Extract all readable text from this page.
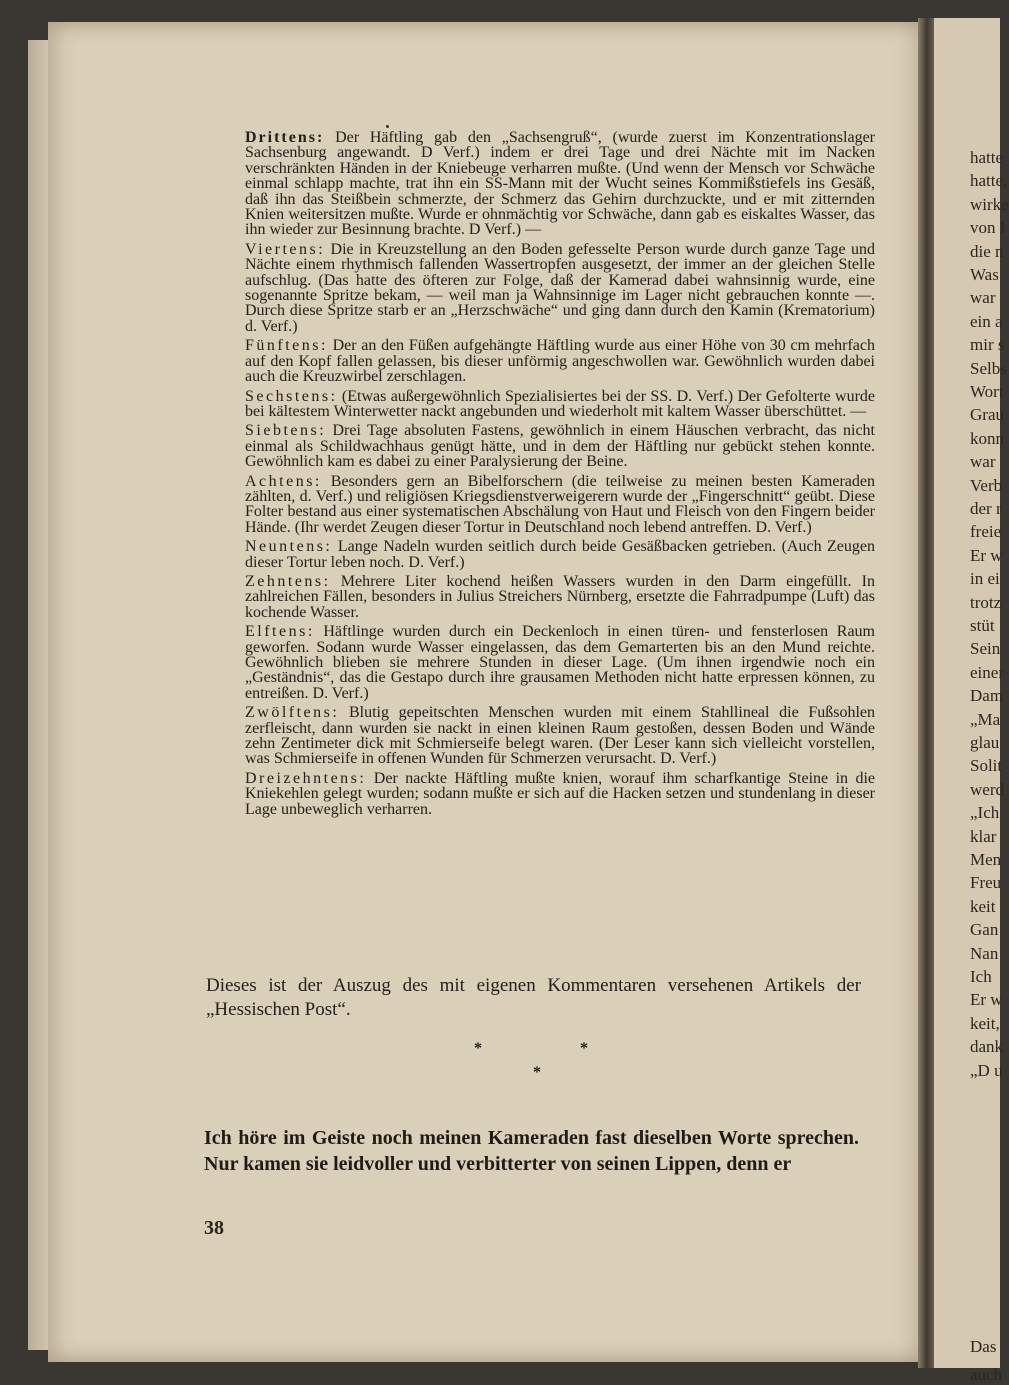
hatte
hatte,
wirke
von I
die n
Was
war
ein a
mir s
Selbs
Wort
Grau
konn
war
Verb
der r
freie
Er w
in ei
trotz
stüt
Sein
einer
Dam
„Ma
glau
Solit
werd
„Ich
klar
Men
Freu
keit
Gan
Nan
Ich
Er w
keit,
dank
„D u
Das
auch

Drittens: Der Häftling gab den „Sachsengruß“, (wurde zuerst im Konzentrationslager Sachsenburg angewandt. D Verf.) indem er drei Tage und drei Nächte mit im Nacken verschränkten Händen in der Kniebeuge verharren mußte. (Und wenn der Mensch vor Schwäche einmal schlapp machte, trat ihn ein SS-Mann mit der Wucht seines Kommißstiefels ins Gesäß, daß ihn das Steißbein schmerzte, der Schmerz das Gehirn durchzuckte, und er mit zitternden Knien weitersitzen mußte. Wurde er ohnmächtig vor Schwäche, dann gab es eiskaltes Wasser, das ihn wieder zur Besinnung brachte. D Verf.) —

Viertens: Die in Kreuzstellung an den Boden gefesselte Person wurde durch ganze Tage und Nächte einem rhythmisch fallenden Wassertropfen ausgesetzt, der immer an der gleichen Stelle aufschlug. (Das hatte des öfteren zur Folge, daß der Kamerad dabei wahnsinnig wurde, eine sogenannte Spritze bekam, — weil man ja Wahnsinnige im Lager nicht gebrauchen konnte —. Durch diese Spritze starb er an „Herzschwäche“ und ging dann durch den Kamin (Krematorium) d. Verf.)

Fünftens: Der an den Füßen aufgehängte Häftling wurde aus einer Höhe von 30 cm mehrfach auf den Kopf fallen gelassen, bis dieser unförmig angeschwollen war. Gewöhnlich wurden dabei auch die Kreuzwirbel zerschlagen.

Sechstens: (Etwas außergewöhnlich Spezialisiertes bei der SS. D. Verf.) Der Gefolterte wurde bei kältestem Winterwetter nackt angebunden und wiederholt mit kaltem Wasser überschüttet. —

Siebtens: Drei Tage absoluten Fastens, gewöhnlich in einem Häuschen verbracht, das nicht einmal als Schildwachhaus genügt hätte, und in dem der Häftling nur gebückt stehen konnte. Gewöhnlich kam es dabei zu einer Paralysierung der Beine.

Achtens: Besonders gern an Bibelforschern (die teilweise zu meinen besten Kameraden zählten, d. Verf.) und religiösen Kriegsdienstverweigerern wurde der „Fingerschnitt“ geübt. Diese Folter bestand aus einer systematischen Abschälung von Haut und Fleisch von den Fingern beider Hände. (Ihr werdet Zeugen dieser Tortur in Deutschland noch lebend antreffen. D. Verf.)

Neuntens: Lange Nadeln wurden seitlich durch beide Gesäßbacken getrieben. (Auch Zeugen dieser Tortur leben noch. D. Verf.)

Zehntens: Mehrere Liter kochend heißen Wassers wurden in den Darm eingefüllt. In zahlreichen Fällen, besonders in Julius Streichers Nürnberg, ersetzte die Fahrradpumpe (Luft) das kochende Wasser.

Elftens: Häftlinge wurden durch ein Deckenloch in einen türen- und fensterlosen Raum geworfen. Sodann wurde Wasser eingelassen, das dem Gemarterten bis an den Mund reichte. Gewöhnlich blieben sie mehrere Stunden in dieser Lage. (Um ihnen irgendwie noch ein „Geständnis“, das die Gestapo durch ihre grausamen Methoden nicht hatte erpressen können, zu entreißen. D. Verf.)

Zwölftens: Blutig gepeitschten Menschen wurden mit einem Stahllineal die Fußsohlen zerfleischt, dann wurden sie nackt in einen kleinen Raum gestoßen, dessen Boden und Wände zehn Zentimeter dick mit Schmierseife belegt waren. (Der Leser kann sich vielleicht vorstellen, was Schmierseife in offenen Wunden für Schmerzen verursacht. D. Verf.)

Dreizehntens: Der nackte Häftling mußte knien, worauf ihm scharfkantige Steine in die Kniekehlen gelegt wurden; sodann mußte er sich auf die Hacken setzen und stundenlang in dieser Lage unbeweglich verharren.

Dieses ist der Auszug des mit eigenen Kommentaren versehenen Artikels der „Hessischen Post“.
*	*
*
Ich höre im Geiste noch meinen Kameraden fast dieselben Worte sprechen. Nur kamen sie leidvoller und verbitterter von seinen Lippen, denn er
38
